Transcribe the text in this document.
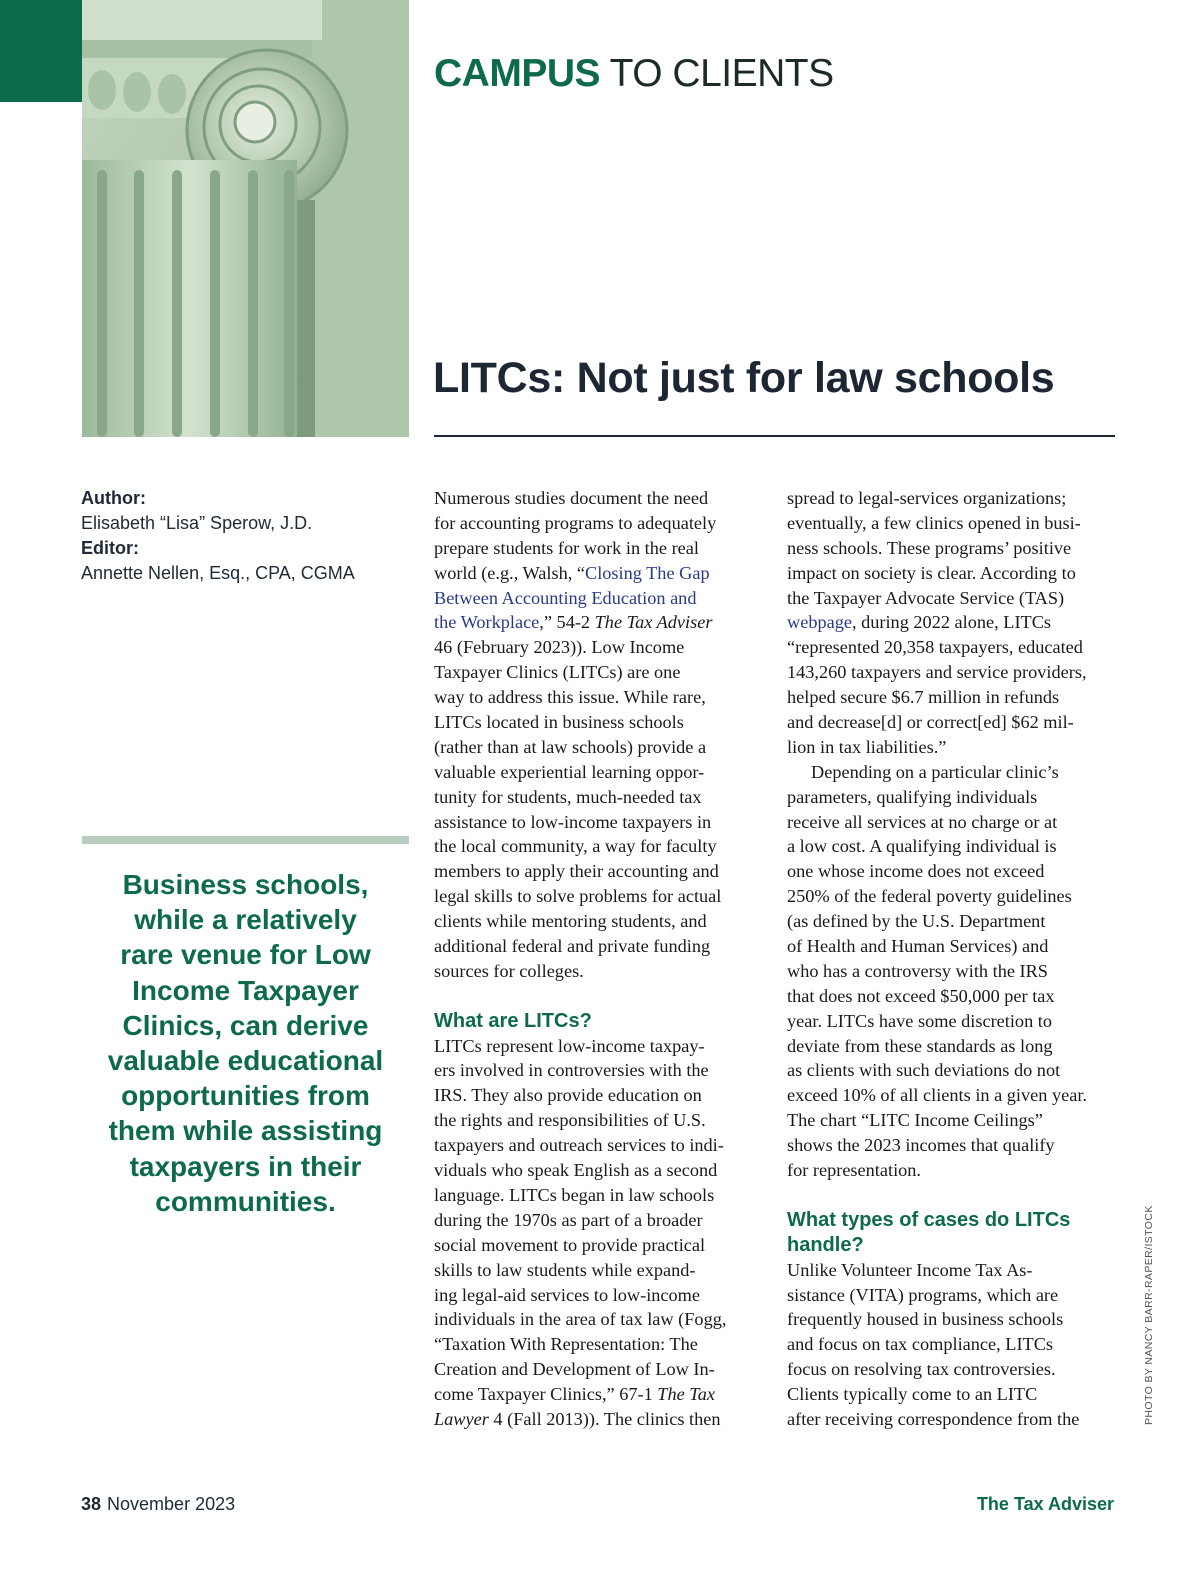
CAMPUS TO CLIENTS
LITCs: Not just for law schools
Author:
Elisabeth “Lisa” Sperow, J.D.
Editor:
Annette Nellen, Esq., CPA, CGMA
Business schools,
while a relatively
rare venue for Low
Income Taxpayer
Clinics, can derive
valuable educational
opportunities from
them while assisting
taxpayers in their
communities.
Numerous studies document the need
for accounting programs to adequately
prepare students for work in the real
world (e.g., Walsh, “Closing The Gap
Between Accounting Education and
the Workplace,” 54-2 The Tax Adviser
46 (February 2023)). Low Income
Taxpayer Clinics (LITCs) are one
way to address this issue. While rare,
LITCs located in business schools
(rather than at law schools) provide a
valuable experiential learning oppor-
tunity for students, much-needed tax
assistance to low-income taxpayers in
the local community, a way for faculty
members to apply their accounting and
legal skills to solve problems for actual
clients while mentoring students, and
additional federal and private funding
sources for colleges.
What are LITCs?
LITCs represent low-income taxpay-
ers involved in controversies with the
IRS. They also provide education on
the rights and responsibilities of U.S.
taxpayers and outreach services to indi-
viduals who speak English as a second
language. LITCs began in law schools
during the 1970s as part of a broader
social movement to provide practical
skills to law students while expand-
ing legal-aid services to low-income
individuals in the area of tax law (Fogg,
“Taxation With Representation: The
Creation and Development of Low In-
come Taxpayer Clinics,” 67-1 The Tax
Lawyer 4 (Fall 2013)). The clinics then
spread to legal-services organizations;
eventually, a few clinics opened in busi-
ness schools. These programs’ positive
impact on society is clear. According to
the Taxpayer Advocate Service (TAS)
webpage, during 2022 alone, LITCs
“represented 20,358 taxpayers, educated
143,260 taxpayers and service providers,
helped secure $6.7 million in refunds
and decrease[d] or correct[ed] $62 mil-
lion in tax liabilities.”
Depending on a particular clinic’s
parameters, qualifying individuals
receive all services at no charge or at
a low cost. A qualifying individual is
one whose income does not exceed
250% of the federal poverty guidelines
(as defined by the U.S. Department
of Health and Human Services) and
who has a controversy with the IRS
that does not exceed $50,000 per tax
year. LITCs have some discretion to
deviate from these standards as long
as clients with such deviations do not
exceed 10% of all clients in a given year.
The chart “LITC Income Ceilings”
shows the 2023 incomes that qualify
for representation.
What types of cases do LITCs
handle?
Unlike Volunteer Income Tax As-
sistance (VITA) programs, which are
frequently housed in business schools
and focus on tax compliance, LITCs
focus on resolving tax controversies.
Clients typically come to an LITC
after receiving correspondence from the	PHOTO BY NANCY BARR-RAPER/ISTOCK
38 November 2023	The Tax Adviser
